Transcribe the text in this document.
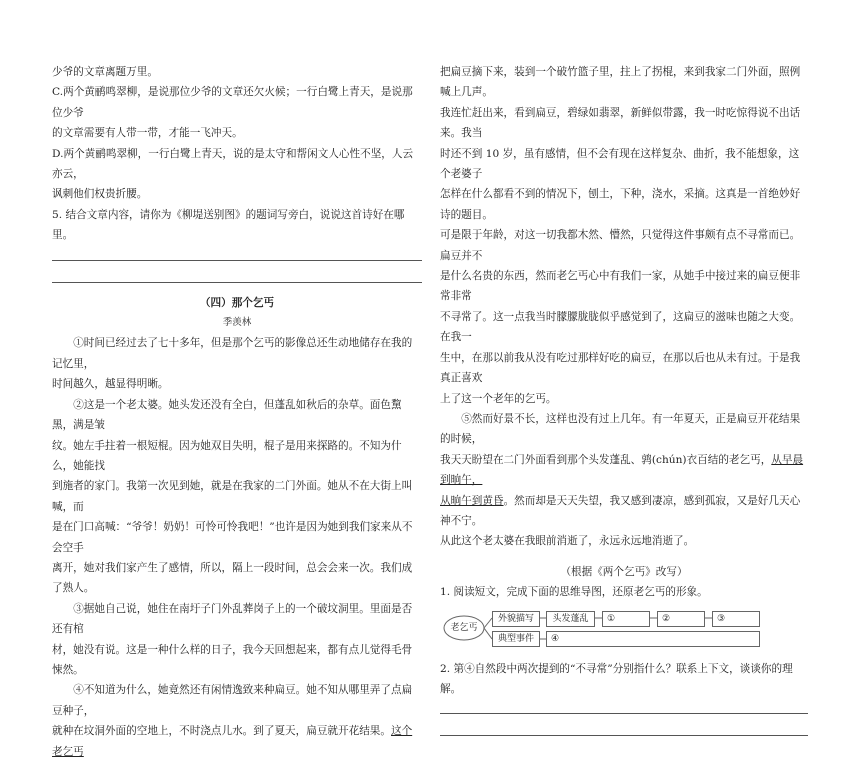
少爷的文章离题万里。

C.两个黄鹂鸣翠柳，是说那位少爷的文章还欠火候；一行白鹭上青天，是说那位少爷

的文章需要有人带一带，才能一飞冲天。

D.两个黄鹂鸣翠柳，一行白鹭上青天，说的是太守和帮闲文人心性不坚，人云亦云，

讽刺他们权贵折腰。

5. 结合文章内容，请你为《柳堤送别图》的题词写旁白，说说这首诗好在哪里。

（四）那个乞丐

季羡林

①时间已经过去了七十多年，但是那个乞丐的影像总还生动地储存在我的记忆里，

时间越久，越显得明晰。

②这是一个老太婆。她头发还没有全白，但蓬乱如秋后的杂草。面色黧黑，满是皱

纹。她左手拄着一根短棍。因为她双目失明，棍子是用来探路的。不知为什么，她能找

到施者的家门。我第一次见到她，就是在我家的二门外面。她从不在大街上叫喊，而

是在门口高喊：“爷爷！奶奶！可怜可怜我吧！”也许是因为她到我们家来从不会空手

离开，她对我们家产生了感情，所以，隔上一段时间，总会会来一次。我们成了熟人。

③据她自己说，她住在南圩子门外乱葬岗子上的一个破坟洞里。里面是否还有棺

材，她没有说。这是一种什么样的日子，我今天回想起来，都有点儿觉得毛骨悚然。

④不知道为什么，她竟然还有闲情逸致来种扁豆。她不知从哪里弄了点扁豆种子，

就种在坟洞外面的空地上，不时浇点儿水。到了夏天，扁豆就开花结果。这个老乞丐

把扁豆摘下来，装到一个破竹篮子里，拄上了拐棍，来到我家二门外面，照例喊上几声。

我连忙赶出来，看到扁豆，碧绿如翡翠，新鲜似带露，我一时吃惊得说不出话来。我当

时还不到 10 岁，虽有感情，但不会有现在这样复杂、曲折，我不能想象，这个老婆子

怎样在什么都看不到的情况下，刨土，下种，浇水，采摘。这真是一首绝妙好诗的题目。

可是限于年龄，对这一切我都木然、懵然，只觉得这件事颇有点不寻常而已。扁豆并不

是什么名贵的东西，然而老乞丐心中有我们一家，从她手中接过来的扁豆便非常非常

不寻常了。这一点我当时朦朦胧胧似乎感觉到了，这扁豆的滋味也随之大变。在我一

生中，在那以前我从没有吃过那样好吃的扁豆，在那以后也从未有过。于是我真正喜欢

上了这一个老年的乞丐。

⑤然而好景不长，这样也没有过上几年。有一年夏天，正是扁豆开花结果的时候，

我天天盼望在二门外面看到那个头发蓬乱、鹑(chún)衣百结的老乞丐，从早晨到晌午，

从晌午到黄昏。然而却是天天失望，我又感到凄凉，感到孤寂，又是好几天心神不宁。

从此这个老太婆在我眼前消逝了，永远永远地消逝了。

（根据《两个乞丐》改写）

1. 阅读短文，完成下面的思维导图，还原老乞丐的形象。

老乞丐
外貌描写	头发蓬乱	①	②	③
典型事件	④

2. 第④自然段中两次提到的“不寻常”分别指什么？联系上下文，谈谈你的理解。
